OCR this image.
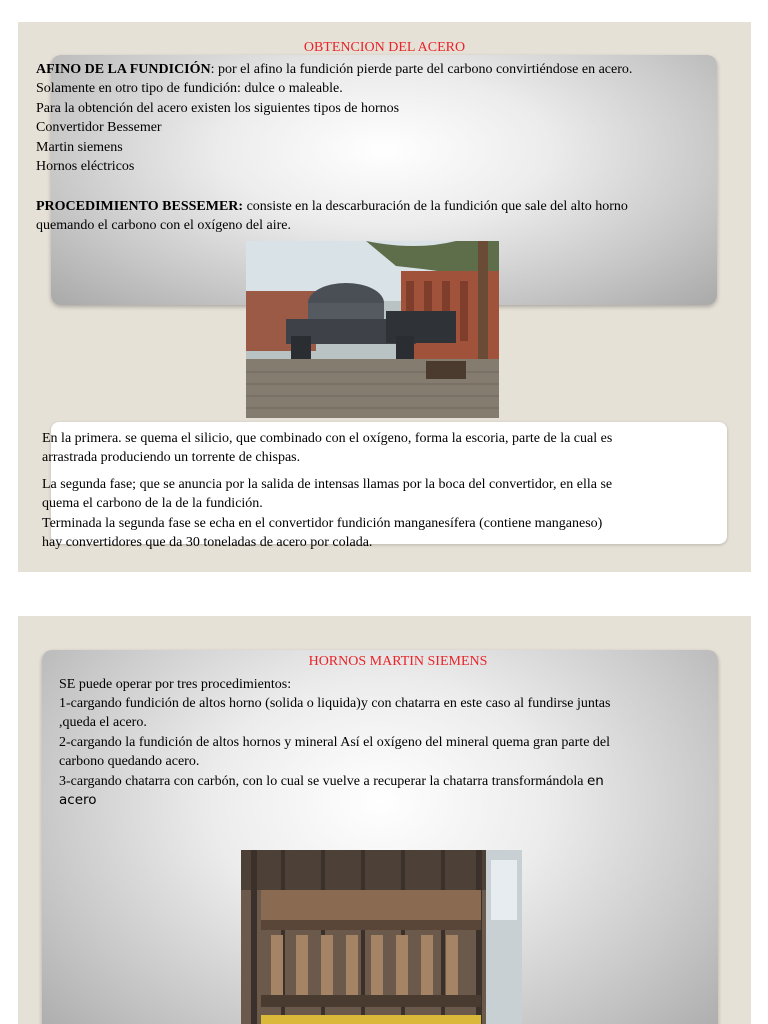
OBTENCION DEL ACERO
AFINO DE LA FUNDICIÓN: por el afino la fundición pierde parte del carbono convirtiéndose en acero.
Solamente en otro tipo de fundición: dulce o maleable.
Para la obtención del acero existen los siguientes tipos de hornos
Convertidor Bessemer
Martin siemens
Hornos eléctricos
PROCEDIMIENTO BESSEMER: consiste en la descarburación de la fundición que sale del alto horno
quemando el carbono con el oxígeno del aire.
En la primera. se quema el silicio, que combinado con el oxígeno, forma la escoria, parte de la cual es
arrastrada produciendo un torrente de chispas.
La segunda fase; que se anuncia por la salida de intensas llamas por la boca del convertidor, en ella se
quema el carbono de la de la fundición.
Terminada la segunda fase se echa en el convertidor fundición manganesífera (contiene manganeso)
hay convertidores que da 30 toneladas de acero por colada.
HORNOS MARTIN SIEMENS
SE puede operar por tres procedimientos:
1-cargando fundición de altos horno (solida o liquida)y con chatarra en este caso al fundirse juntas
,queda el acero.
2-cargando la fundición de altos hornos y mineral Así el oxígeno del mineral quema gran parte del
carbono quedando acero.
3-cargando chatarra con carbón, con lo cual se vuelve a recuperar la chatarra transformándola en
acero
